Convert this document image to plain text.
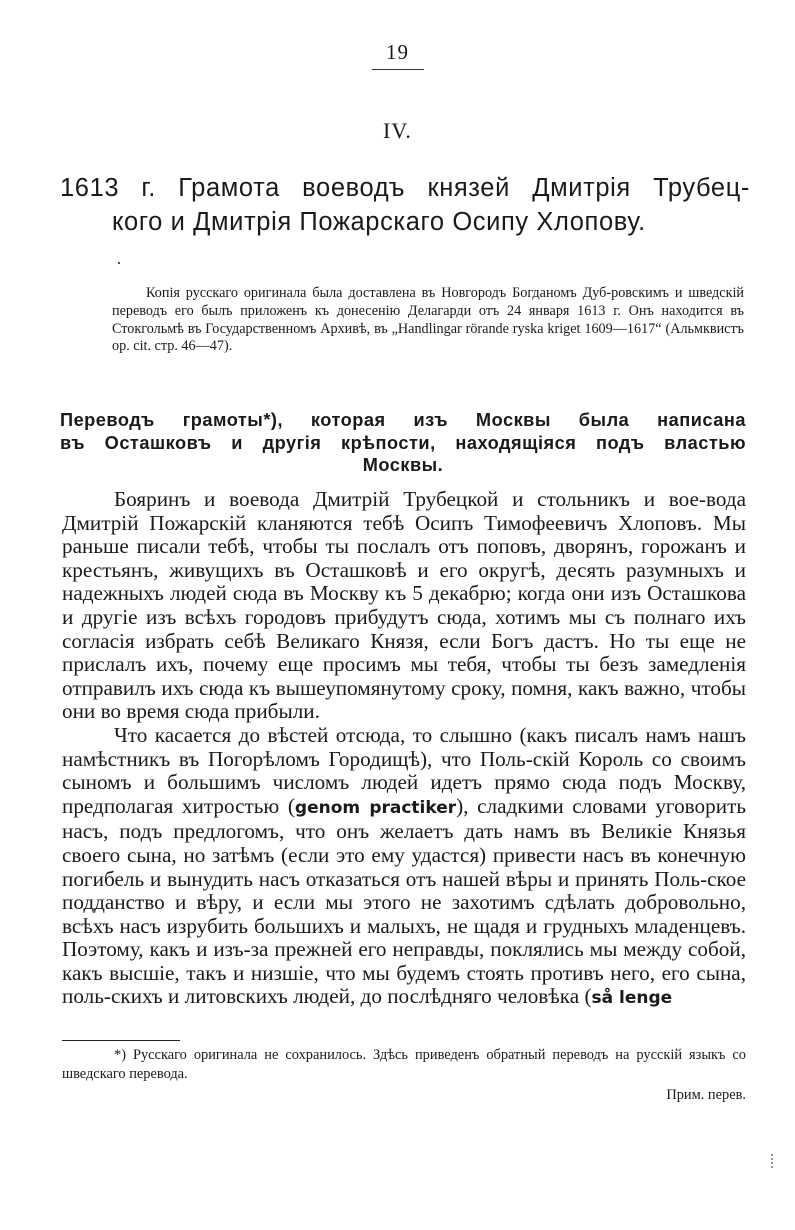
19
IV.
1613 г. Грамота воеводъ князей Дмитрія Трубец-
кого и Дмитрія Пожарскаго Осипу Хлопову.
Копія русскаго оригинала была доставлена въ Новгородъ Богданомъ Дуб-ровскимъ и шведскій переводъ его былъ приложенъ къ донесенію Делагарди отъ 24 января 1613 г. Онъ находится въ Стокгольмѣ въ Государственномъ Архивѣ, въ „Handlingar rörande ryska kriget 1609—1617“ (Альмквистъ op. cit. стр. 46—47).
Переводъ грамоты*), которая изъ Москвы была написана
въ Осташковъ и другія крѣпости, находящіяся подъ властью
Москвы.

Бояринъ и воевода Дмитрій Трубецкой и стольникъ и вое-вода Дмитрій Пожарскій кланяются тебѣ Осипъ Тимофеевичъ Хлоповъ. Мы раньше писали тебѣ, чтобы ты послалъ отъ поповъ, дворянъ, горожанъ и крестьянъ, живущихъ въ Осташковѣ и его округѣ, десять разумныхъ и надежныхъ людей сюда въ Москву къ 5 декабрю; когда они изъ Осташкова и другіе изъ всѣхъ городовъ прибудутъ сюда, хотимъ мы съ полнаго ихъ согласія избрать себѣ Великаго Князя, если Богъ дастъ. Но ты еще не прислалъ ихъ, почему еще просимъ мы тебя, чтобы ты безъ замедленія отправилъ ихъ сюда къ вышеупомянутому сроку, помня, какъ важно, чтобы они во время сюда прибыли.

Что касается до вѣстей отсюда, то слышно (какъ писалъ намъ нашъ намѣстникъ въ Погорѣломъ Городищѣ), что Поль-скій Король со своимъ сыномъ и большимъ числомъ людей идетъ прямо сюда подъ Москву, предполагая хитростью (genom practiker), сладкими словами уговорить насъ, подъ предлогомъ, что онъ желаетъ дать намъ въ Великіе Князья своего сына, но затѣмъ (если это ему удастся) привести насъ въ конечную погибель и вынудить насъ отказаться отъ нашей вѣры и принять Поль-ское подданство и вѣру, и если мы этого не захотимъ сдѣлать добровольно, всѣхъ насъ изрубить большихъ и малыхъ, не щадя и грудныхъ младенцевъ. Поэтому, какъ и изъ-за прежней его неправды, поклялись мы между собой, какъ высшіе, такъ и низшіе, что мы будемъ стоять противъ него, его сына, поль-скихъ и литовскихъ людей, до послѣдняго человѣка (så lenge

*) Русскаго оригинала не сохранилось. Здѣсь приведенъ обратный переводъ на русскій языкъ со шведскаго перевода.
Прим. перев.
